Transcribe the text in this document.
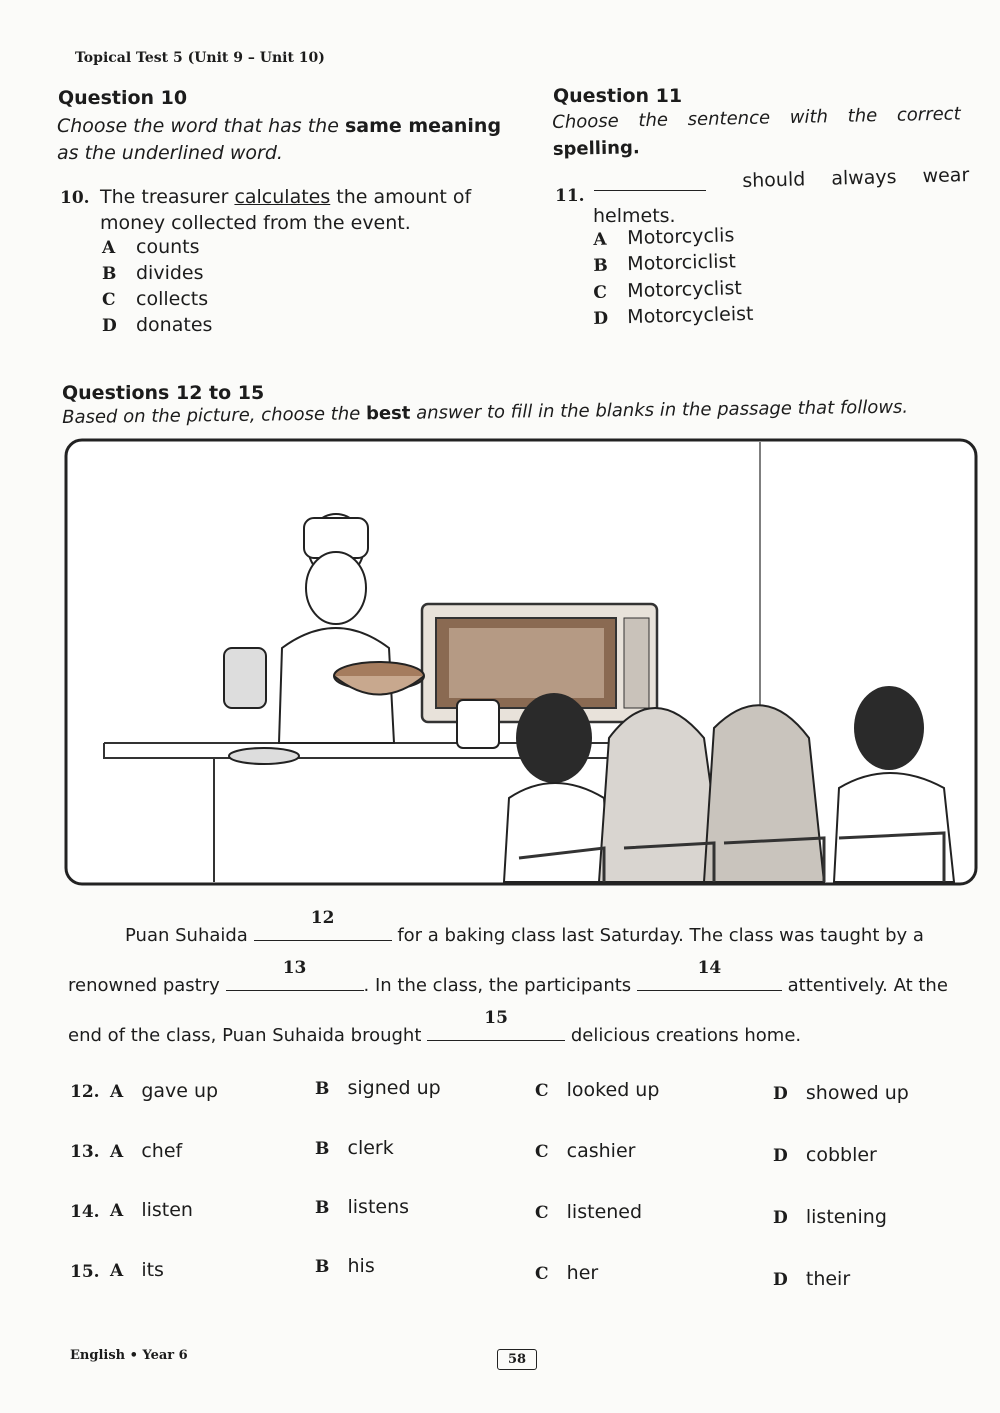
Topical Test 5 (Unit 9 – Unit 10)
Question 10
Choose the word that has the same meaning
as the underlined word.
10. The treasurer calculates the amount of
money collected from the event.
A counts
B divides
C collects
D donates
Question 11
Choose the sentence with the correct
spelling.
11.
should always wear
helmets.
A Motorcyclis
B Motorciclist
C Motorcyclist
D Motorcycleist
Questions 12 to 15
Based on the picture, choose the best answer to fill in the blanks in the passage that follows.
Puan Suhaida
12
for a baking class last Saturday. The class was taught by a
renowned pastry
13
. In the class, the participants
14
attentively. At the
end of the class, Puan Suhaida brought
15
delicious creations home.
12. A gave up	B signed up	C looked up	D showed up
13. A chef	B clerk	C cashier	D cobbler
14. A listen	B listens	C listened	D listening
15. A its	B his	C her	D their
English • Year 6	58
